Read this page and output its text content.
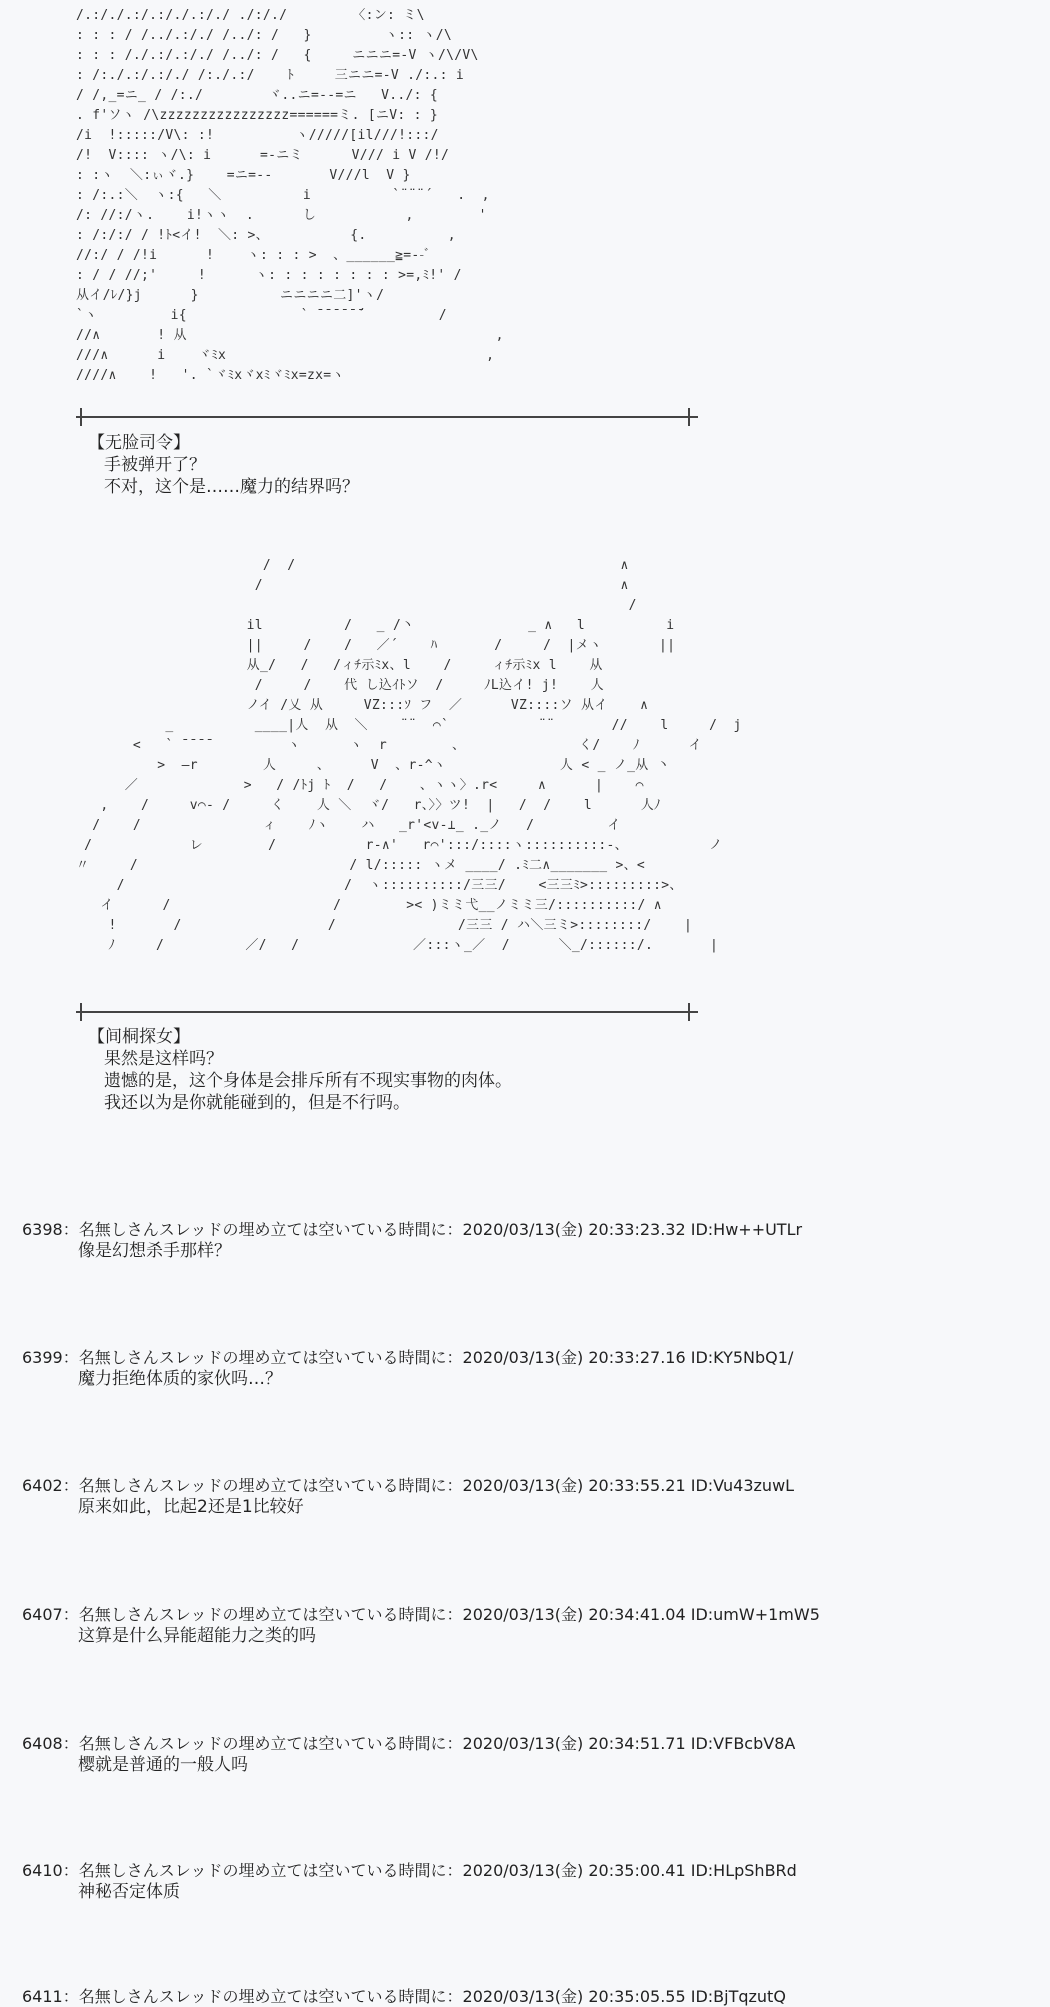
/.:/./.:/.:/./.:/./ ./:/./        〈:ン: ミ\
: : : / /../.:/./ /../: /   }         ヽ:: ヽ/\
: : : /./.:/.:/./ /../: /   {     ニニニ=-V ヽ/\/V\
: /:./.:/.:/./ /:./.:/    ﾄ     三ニニ=-V ./:.: i
/ /,_=ニ_ / /:./        ヾ..ニ=--=ニ   V../: {
. f'ソヽ /\zzzzzzzzzzzzzzzz======ミ. [ニV: : }
/i  !:::::/V\: :!          ヽ/////[il///!:::/
/!  V:::: ヽ/\: i      =-ニミ      V/// i V /!/
: :ヽ  ＼:ぃヾ.}    =ニ=--       V///l  V }
: /:.:＼  ヽ:{   ＼          i          `¨¨¨´   .  ,
/: //:/ヽ.    i!ヽヽ  .      し           ,        '
: /:/:/ / !ﾄ<イ!  ＼: >、          {.          ,
//:/ / /!i      !    ヽ: : : >  、______≧=--ﾞ
: / / //;'     !      ヽ: : : : : : : : >=,ﾐ!' /
从イ/ﾚ/}j      }          ニニニニ二]'ヽ/
`ヽ         i{              ` ̄ ̄ ̄ ̄ ̄ ̄´         /
//∧       ! 从                                      ,
///∧      i    ヾﾐx                                ,
////∧    !   '. `ヾﾐxヾxﾐヾﾐx=zx=ヽ
【无脸司令】
手被弹开了？
不对，这个是……魔力的结界吗？
/  /                                        ∧
/                                            ∧
/
il          /   _ /丶              _ ∧   l          i
||     /    /   ／´    ﾊ       /     /  |メヽ       ||
从_/   /   /ィﾁ示ﾐx、l    /     ィﾁ示ﾐx l    从
/     /    代 し込ｲﾄソ  /     ﾉL込イ! j!    人
ノイ /乂 从     VZ:::ｿ フ  ／      VZ::::ソ 从イ    ∧
_          ____|人  从  ＼    ¨¨  ⌒`           ¨¨       //    l     /  j
<   ` ̄ ̄ ̄ ̄          ヽ      ヽ  r        、              く/    ﾉ      イ
>  ―r        人     、     V  、r-^ヽ              人 < _ ノ_从 丶
／             >   / /ﾄj ﾄ  /   /    、ヽヽ〉.r<     ∧      |    ⌒
,    /     v⌒- /     く    人 ＼  ヾ/   r、〉〉ツ!  |   /  /    l      人ﾉ
/    /               ィ    ﾉヽ    ハ   _r'<v-⊥_ ._ノ   /         イ
/            レ        /           r-∧'   r⌒':::/::::ヽ::::::::::-、          ノ
〃     /                          / l/::::: ヽメ ____/ .ﾐ二∧_______ >、<
/                           /  ヽ::::::::::/三三/    <三三ﾐ>:::::::::>、
イ      /                    /        >< )ミミ弋__ノミミ三/::::::::::/ ∧
!       /                  /               /三三 / ハ＼三ミ>::::::::/    |
ﾉ     /          ／/   /              ／:::ヽ_／  /      ＼_/::::::/.       |
【间桐探女】
果然是这样吗？
遗憾的是，这个身体是会排斥所有不现实事物的肉体。
我还以为是你就能碰到的，但是不行吗。
6398：名無しさんスレッドの埋め立ては空いている時間に：2020/03/13(金) 20:33:23.32 ID:Hw++UTLr
像是幻想杀手那样？
6399：名無しさんスレッドの埋め立ては空いている時間に：2020/03/13(金) 20:33:27.16 ID:KY5NbQ1/
魔力拒绝体质的家伙吗…？
6402：名無しさんスレッドの埋め立ては空いている時間に：2020/03/13(金) 20:33:55.21 ID:Vu43zuwL
原来如此，比起2还是1比较好
6407：名無しさんスレッドの埋め立ては空いている時間に：2020/03/13(金) 20:34:41.04 ID:umW+1mW5
这算是什么异能超能力之类的吗
6408：名無しさんスレッドの埋め立ては空いている時間に：2020/03/13(金) 20:34:51.71 ID:VFBcbV8A
樱就是普通的一般人吗
6410：名無しさんスレッドの埋め立ては空いている時間に：2020/03/13(金) 20:35:00.41 ID:HLpShBRd
神秘否定体质
6411：名無しさんスレッドの埋め立ては空いている時間に：2020/03/13(金) 20:35:05.55 ID:BjTqzutQ
